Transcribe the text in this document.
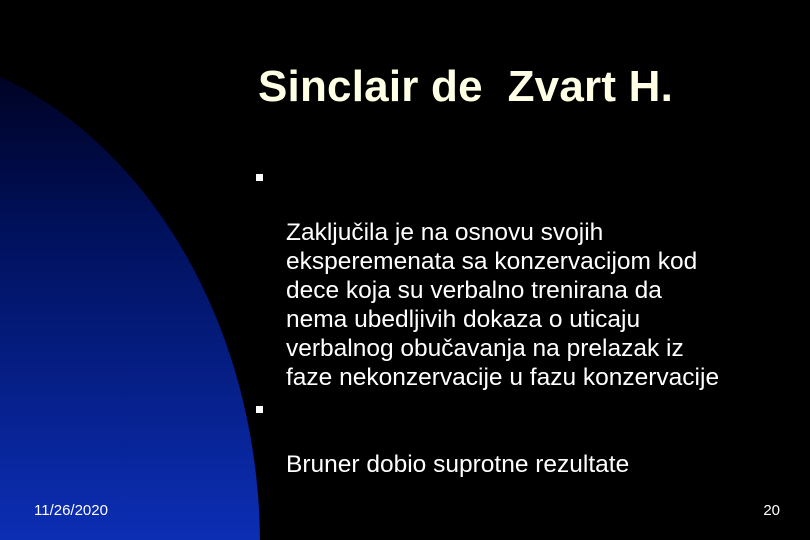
Sinclair de  Zvart H.

Zaključila je na osnovu svojih
eksperemenata sa konzervacijom kod
dece koja su verbalno trenirana da
nema ubedljivih dokaza o uticaju
verbalnog obučavanja na prelazak iz
faze nekonzervacije u fazu konzervacije

Bruner dobio suprotne rezultate

11/26/2020	20
